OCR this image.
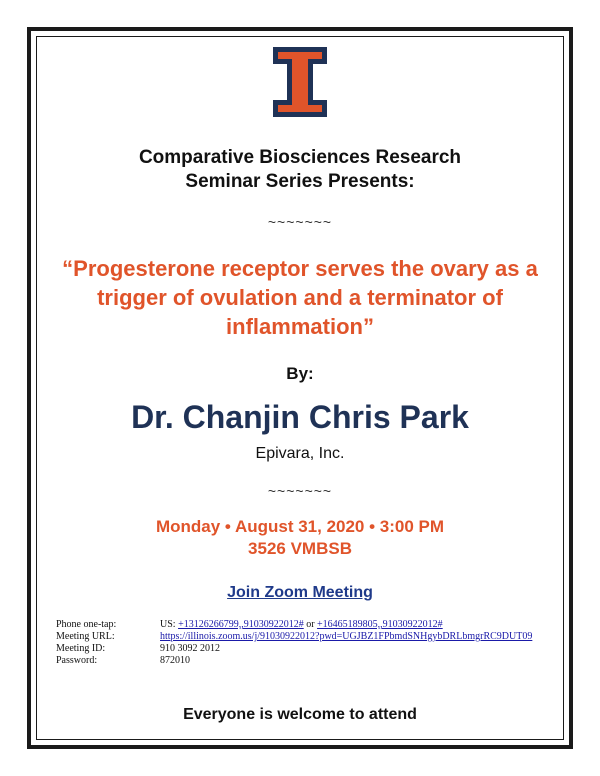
Comparative Biosciences Research
Seminar Series Presents:
~~~~~~~
“Progesterone receptor serves the ovary as a
trigger of ovulation and a terminator of
inflammation”
By:
Dr. Chanjin Chris Park
Epivara, Inc.
~~~~~~~
Monday • August 31, 2020 • 3:00 PM
3526 VMBSB
Join Zoom Meeting
Phone one-tap:	US: +13126266799,,91030922012# or +16465189805,,91030922012#
Meeting URL:	https://illinois.zoom.us/j/91030922012?pwd=UGJBZ1FPbmdSNHgybDRLbmgrRC9DUT09
Meeting ID:	910 3092 2012
Password:	872010
Everyone is welcome to attend
